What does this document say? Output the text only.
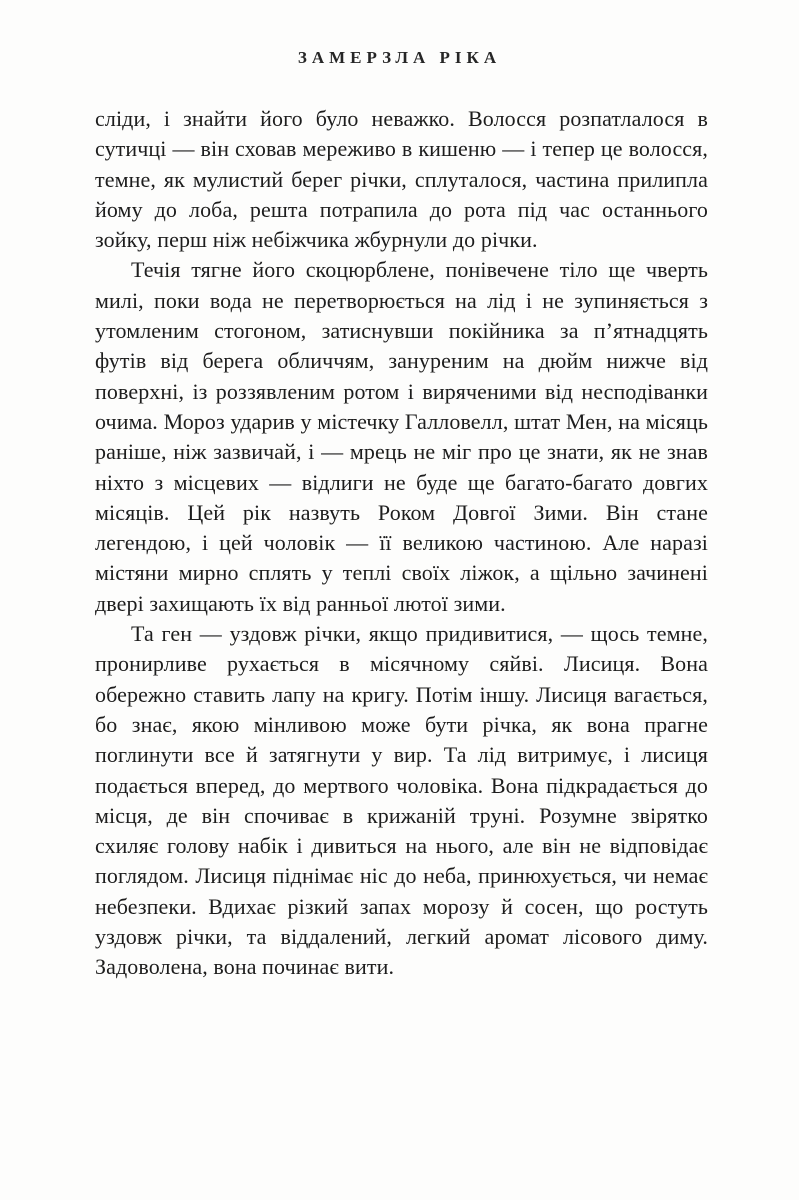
ЗАМЕРЗЛА РІКА

сліди, і знайти його було неважко. Волосся розпатлалося в сутичці — він сховав мереживо в кишеню — і тепер це волосся, темне, як мулистий берег річки, сплуталося, частина прилипла йому до лоба, решта потрапила до рота під час останнього зойку, перш ніж небіжчика жбурнули до річки.

Течія тягне його скоцюрблене, понівечене тіло ще чверть милі, поки вода не перетворюється на лід і не зупиняється з утомленим стогоном, затиснувши покійника за п’ятнадцять футів від берега обличчям, зануреним на дюйм нижче від поверхні, із роззявленим ротом і виряченими від несподіванки очима. Мороз ударив у містечку Галловелл, штат Мен, на місяць раніше, ніж зазвичай, і — мрець не міг про це знати, як не знав ніхто з місцевих — відлиги не буде ще багато-багато довгих місяців. Цей рік назвуть Роком Довгої Зими. Він стане легендою, і цей чоловік — її великою частиною. Але наразі містяни мирно сплять у теплі своїх ліжок, а щільно зачинені двері захищають їх від ранньої лютої зими.

Та ген — уздовж річки, якщо придивитися, — щось темне, пронирливе рухається в місячному сяйві. Лисиця. Вона обережно ставить лапу на кригу. Потім іншу. Лисиця вагається, бо знає, якою мінливою може бути річка, як вона прагне поглинути все й затягнути у вир. Та лід витримує, і лисиця подається вперед, до мертвого чоловіка. Вона підкрадається до місця, де він спочиває в крижаній труні. Розумне звірятко схиляє голову набік і дивиться на нього, але він не відповідає поглядом. Лисиця піднімає ніс до неба, принюхується, чи немає небезпеки. Вдихає різкий запах морозу й сосен, що ростуть уздовж річки, та віддалений, легкий аромат лісового диму. Задоволена, вона починає вити.
